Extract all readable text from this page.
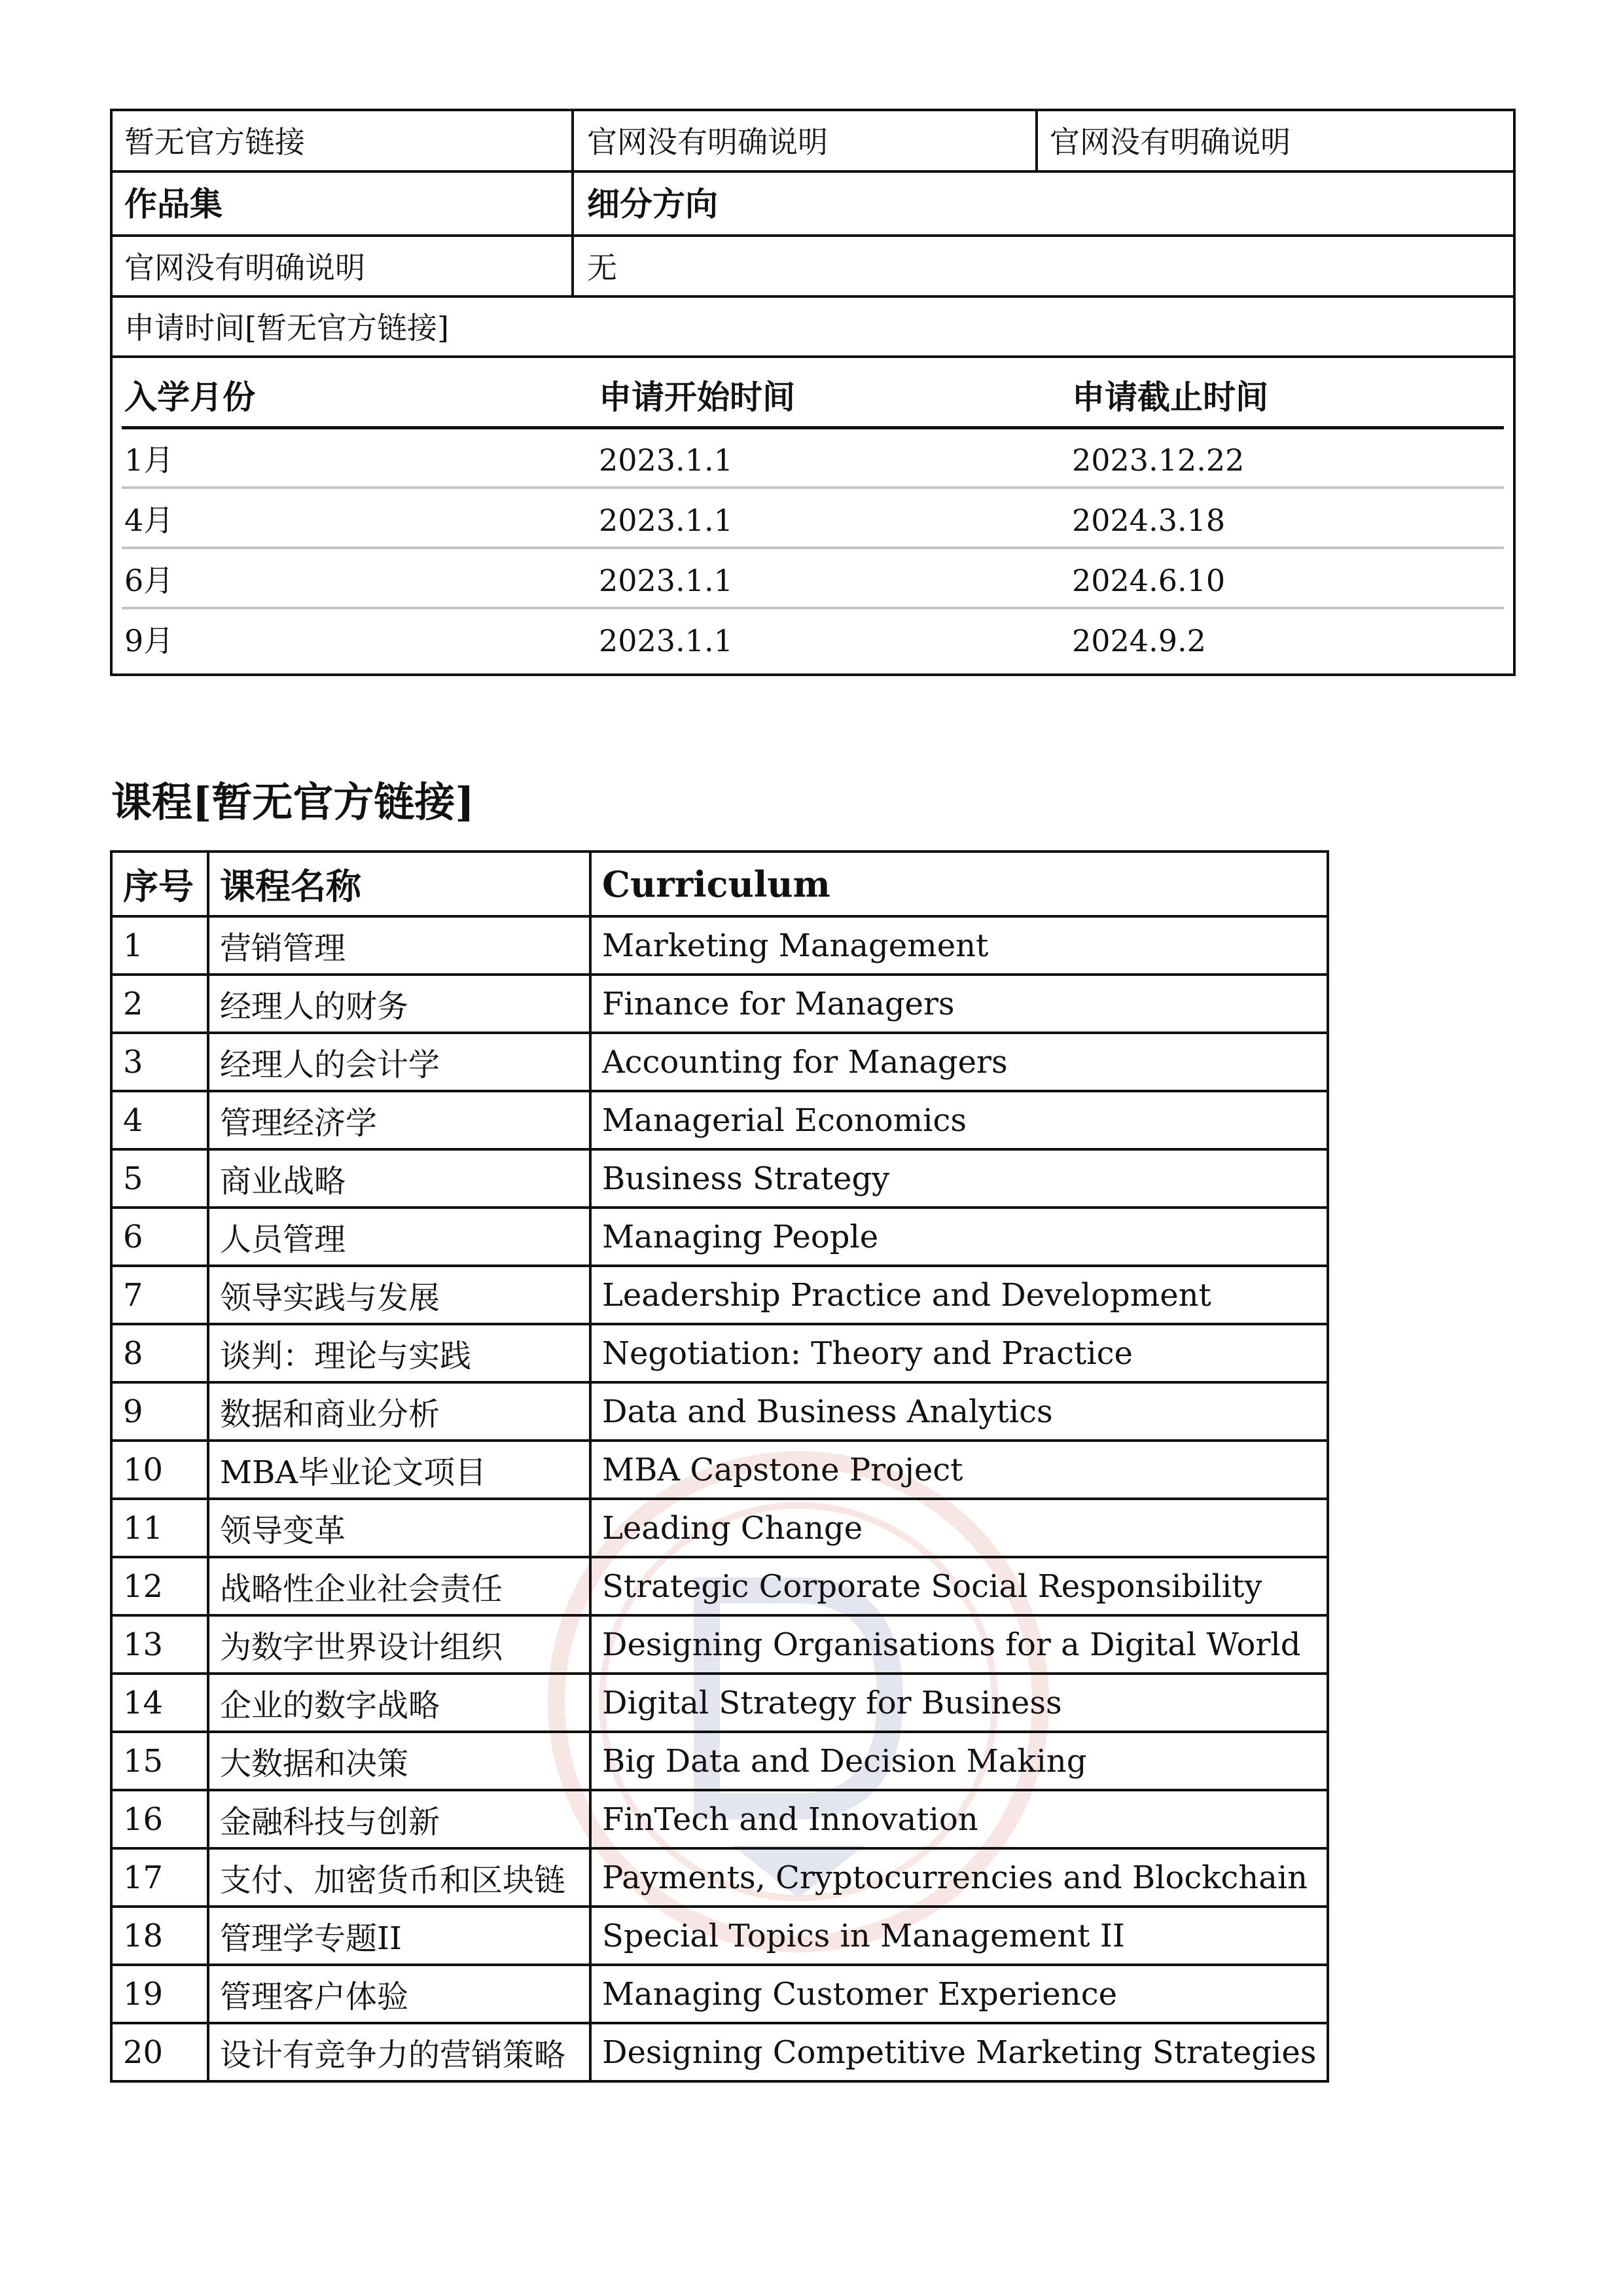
暂无官方链接	官网没有明确说明	官网没有明确说明
作品集	细分方向
官网没有明确说明	无
申请时间[暂无官方链接]
入学月份	申请开始时间	申请截止时间
1月	2023.1.1	2023.12.22
4月	2023.1.1	2024.3.18
6月	2023.1.1	2024.6.10
9月	2023.1.1	2024.9.2
课程[暂无官方链接]
序号	课程名称	Curriculum
1	营销管理	Marketing Management
2	经理人的财务	Finance for Managers
3	经理人的会计学	Accounting for Managers
4	管理经济学	Managerial Economics
5	商业战略	Business Strategy
6	人员管理	Managing People
7	领导实践与发展	Leadership Practice and Development
8	谈判：理论与实践	Negotiation: Theory and Practice
9	数据和商业分析	Data and Business Analytics
10	MBA毕业论文项目	MBA Capstone Project
11	领导变革	Leading Change
12	战略性企业社会责任	Strategic Corporate Social Responsibility
13	为数字世界设计组织	Designing Organisations for a Digital World
14	企业的数字战略	Digital Strategy for Business
15	大数据和决策	Big Data and Decision Making
16	金融科技与创新	FinTech and Innovation
17	支付、加密货币和区块链	Payments, Cryptocurrencies and Blockchain
18	管理学专题II	Special Topics in Management II
19	管理客户体验	Managing Customer Experience
20	设计有竞争力的营销策略	Designing Competitive Marketing Strategies
